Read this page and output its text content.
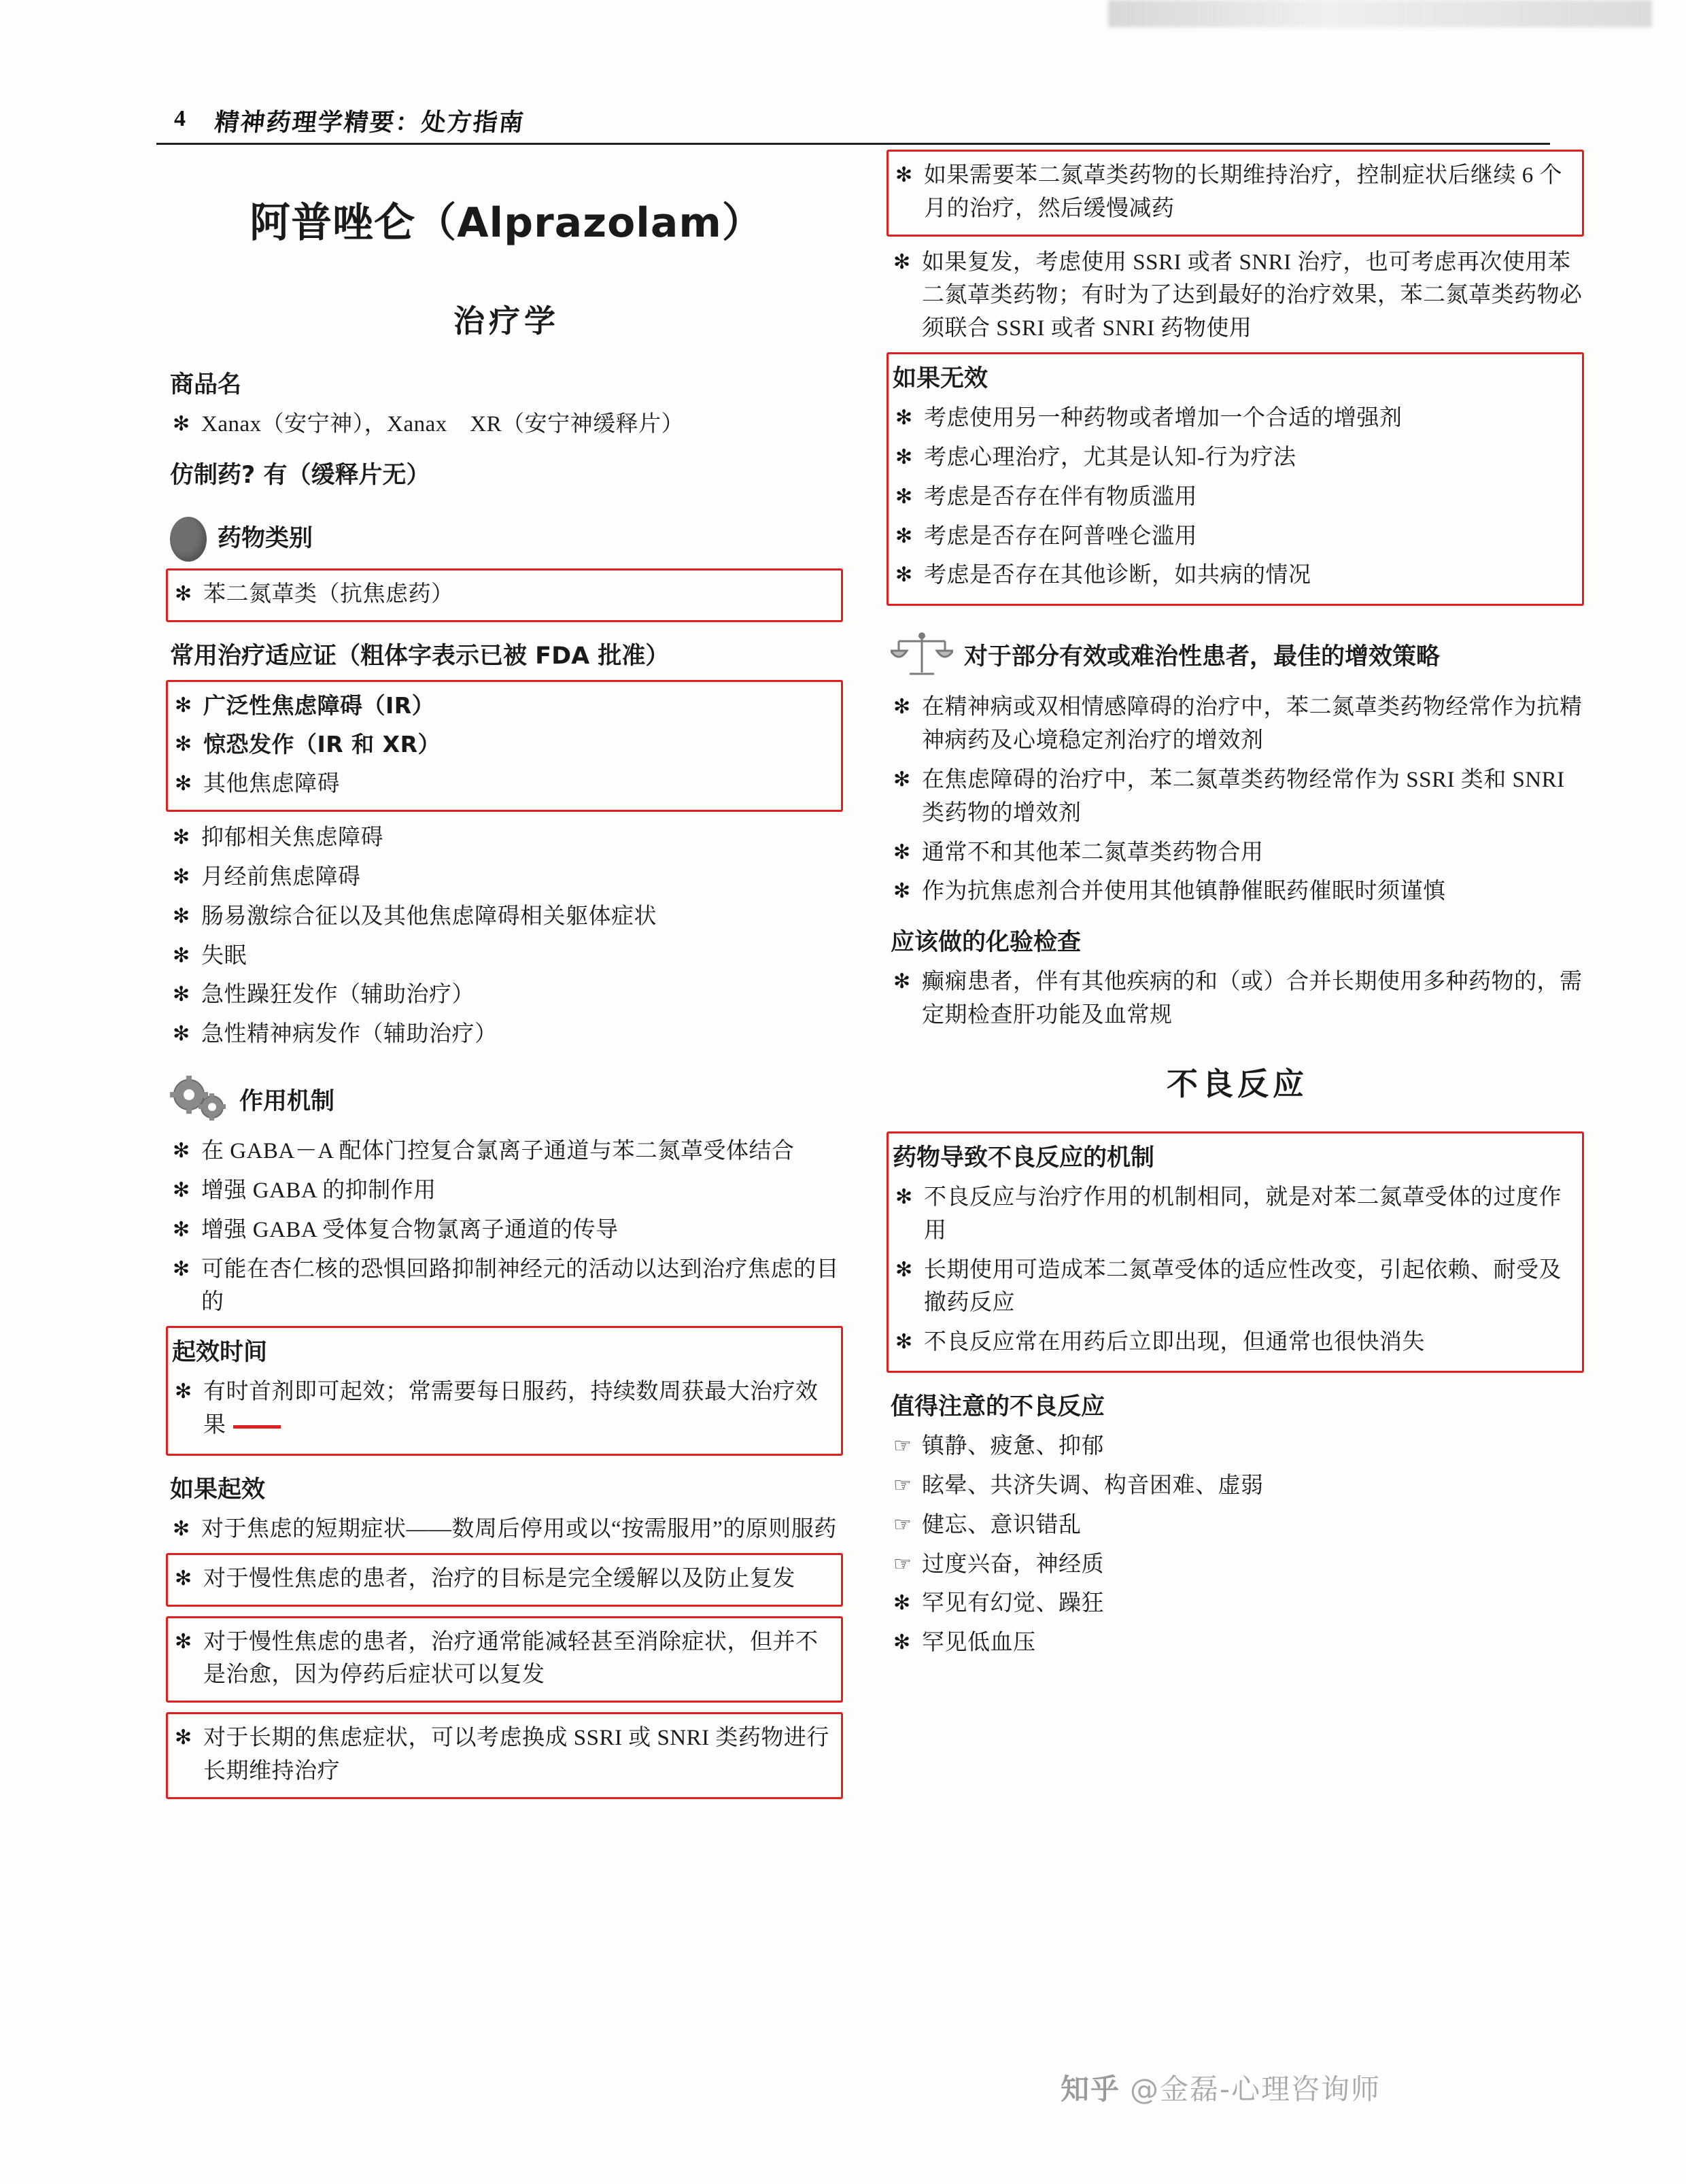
4 精神药理学精要：处方指南
阿普唑仑（Alprazolam）
治疗学
商品名
✻ Xanax（安宁神），Xanax　XR（安宁神缓释片）
仿制药? 有（缓释片无）
药物类别
✻ 苯二氮䓬类（抗焦虑药）
常用治疗适应证（粗体字表示已被 FDA 批准）
✻ 广泛性焦虑障碍（IR）
✻ 惊恐发作（IR 和 XR）
✻ 其他焦虑障碍
✻ 抑郁相关焦虑障碍
✻ 月经前焦虑障碍
✻ 肠易激综合征以及其他焦虑障碍相关躯体症状
✻ 失眠
✻ 急性躁狂发作（辅助治疗）
✻ 急性精神病发作（辅助治疗）
作用机制
✻ 在 GABA－A 配体门控复合氯离子通道与苯二氮䓬受体结合
✻ 增强 GABA 的抑制作用
✻ 增强 GABA 受体复合物氯离子通道的传导
✻ 可能在杏仁核的恐惧回路抑制神经元的活动以达到治疗焦虑的目的
起效时间
✻ 有时首剂即可起效；常需要每日服药，持续数周获最大治疗效果
如果起效
✻ 对于焦虑的短期症状——数周后停用或以“按需服用”的原则服药
✻ 对于慢性焦虑的患者，治疗的目标是完全缓解以及防止复发
✻ 对于慢性焦虑的患者，治疗通常能减轻甚至消除症状，但并不是治愈，因为停药后症状可以复发
✻ 对于长期的焦虑症状，可以考虑换成 SSRI 或 SNRI 类药物进行长期维持治疗
✻ 如果需要苯二氮䓬类药物的长期维持治疗，控制症状后继续 6 个月的治疗，然后缓慢减药
✻ 如果复发，考虑使用 SSRI 或者 SNRI 治疗，也可考虑再次使用苯二氮䓬类药物；有时为了达到最好的治疗效果，苯二氮䓬类药物必须联合 SSRI 或者 SNRI 药物使用
如果无效
✻ 考虑使用另一种药物或者增加一个合适的增强剂
✻ 考虑心理治疗，尤其是认知-行为疗法
✻ 考虑是否存在伴有物质滥用
✻ 考虑是否存在阿普唑仑滥用
✻ 考虑是否存在其他诊断，如共病的情况
对于部分有效或难治性患者，最佳的增效策略
✻ 在精神病或双相情感障碍的治疗中，苯二氮䓬类药物经常作为抗精神病药及心境稳定剂治疗的增效剂
✻ 在焦虑障碍的治疗中，苯二氮䓬类药物经常作为 SSRI 类和 SNRI 类药物的增效剂
✻ 通常不和其他苯二氮䓬类药物合用
✻ 作为抗焦虑剂合并使用其他镇静催眠药催眠时须谨慎
应该做的化验检查
✻ 癫痫患者，伴有其他疾病的和（或）合并长期使用多种药物的，需定期检查肝功能及血常规
不良反应
药物导致不良反应的机制
✻ 不良反应与治疗作用的机制相同，就是对苯二氮䓬受体的过度作用
✻ 长期使用可造成苯二氮䓬受体的适应性改变，引起依赖、耐受及撤药反应
✻ 不良反应常在用药后立即出现，但通常也很快消失
值得注意的不良反应
☞ 镇静、疲惫、抑郁
☞ 眩晕、共济失调、构音困难、虚弱
☞ 健忘、意识错乱
☞ 过度兴奋，神经质
✻ 罕见有幻觉、躁狂
✻ 罕见低血压
知乎 @金磊-心理咨询师
